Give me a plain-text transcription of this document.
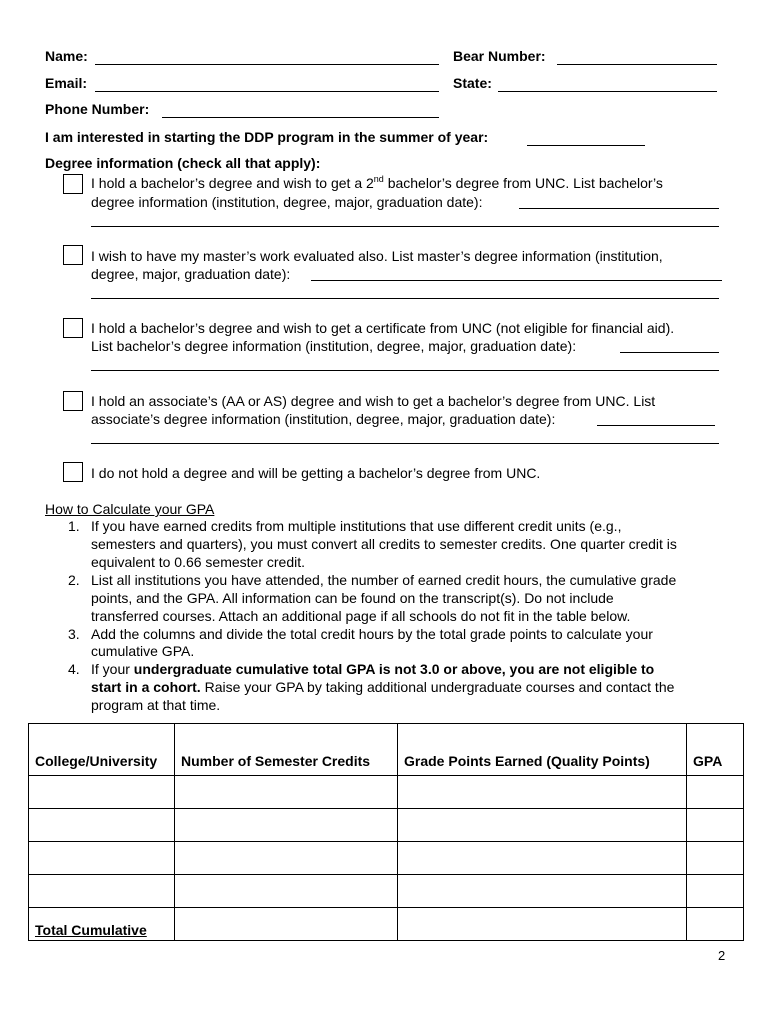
Name:	Bear Number:
Email:	State:
Phone Number:
I am interested in starting the DDP program in the summer of year:
Degree information (check all that apply):
I hold a bachelor’s degree and wish to get a 2nd bachelor’s degree from UNC. List bachelor’s
degree information (institution, degree, major, graduation date):
I wish to have my master’s work evaluated also. List master’s degree information (institution,
degree, major, graduation date):
I hold a bachelor’s degree and wish to get a certificate from UNC (not eligible for financial aid).
List bachelor’s degree information (institution, degree, major, graduation date):
I hold an associate’s (AA or AS) degree and wish to get a bachelor’s degree from UNC. List
associate’s degree information (institution, degree, major, graduation date):
I do not hold a degree and will be getting a bachelor’s degree from UNC.
How to Calculate your GPA
1. If you have earned credits from multiple institutions that use different credit units (e.g.,
semesters and quarters), you must convert all credits to semester credits. One quarter credit is
equivalent to 0.66 semester credit.
2. List all institutions you have attended, the number of earned credit hours, the cumulative grade
points, and the GPA. All information can be found on the transcript(s). Do not include
transferred courses. Attach an additional page if all schools do not fit in the table below.
3. Add the columns and divide the total credit hours by the total grade points to calculate your
cumulative GPA.
4. If your undergraduate cumulative total GPA is not 3.0 or above, you are not eligible to
start in a cohort. Raise your GPA by taking additional undergraduate courses and contact the
program at that time.
College/University	Number of Semester Credits	Grade Points Earned (Quality Points)	GPA

Total Cumulative			
2
